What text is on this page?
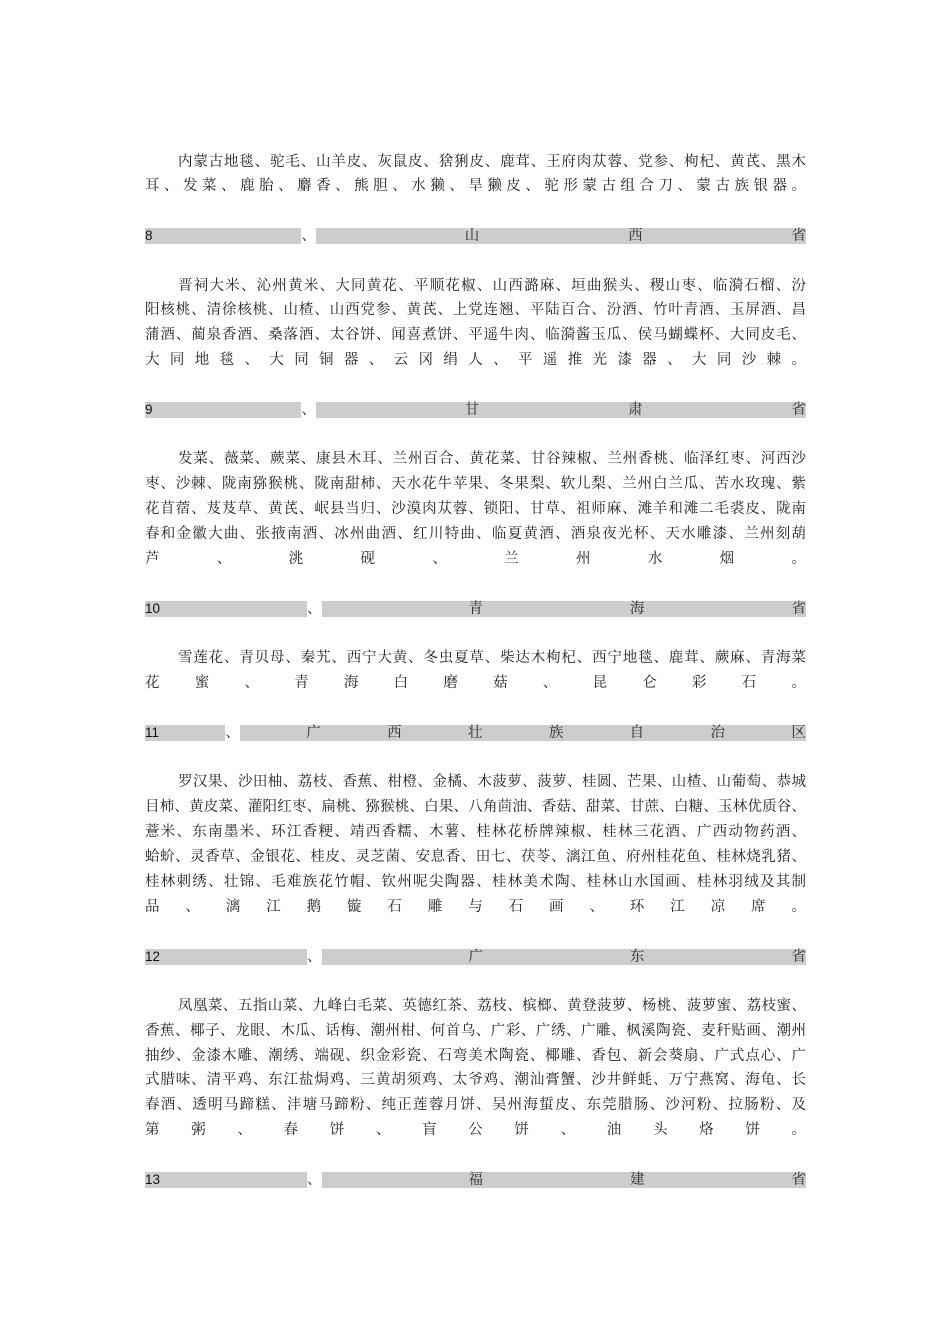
内蒙古地毯、驼毛、山羊皮、灰鼠皮、猞猁皮、鹿茸、王府肉苁蓉、党参、枸杞、黄芪、黑木
耳、发菜、鹿胎、麝香、熊胆、水獭、旱獭皮、驼形蒙古组合刀、蒙古族银器。
8	、	山	西	省
晋祠大米、沁州黄米、大同黄花、平顺花椒、山西潞麻、垣曲猴头、稷山枣、临漪石榴、汾
阳核桃、清徐核桃、山楂、山西党参、黄芪、上党连翘、平陆百合、汾酒、竹叶青酒、玉屏酒、昌
蒲酒、蔺泉香酒、桑落酒、太谷饼、闻喜煮饼、平遥牛肉、临漪酱玉瓜、侯马蝴蝶杯、大同皮毛、
大同地毯、大同铜器、云冈绢人、平遥推光漆器、大同沙棘。
9	、	甘	肃	省
发菜、薇菜、蕨菜、康县木耳、兰州百合、黄花菜、甘谷辣椒、兰州香桃、临泽红枣、河西沙
枣、沙棘、陇南猕猴桃、陇南甜柿、天水花牛苹果、冬果梨、软儿梨、兰州白兰瓜、苦水玫瑰、紫
花苜蓿、芨芨草、黄芪、岷县当归、沙漠肉苁蓉、锁阳、甘草、祖师麻、滩羊和滩二毛裘皮、陇南
春和金徽大曲、张掖南酒、冰州曲酒、红川特曲、临夏黄酒、酒泉夜光杯、天水雕漆、兰州刻葫
芦、洮砚、兰州水烟。
10	、	青	海	省
雪莲花、青贝母、秦艽、西宁大黄、冬虫夏草、柴达木枸杞、西宁地毯、鹿茸、蕨麻、青海菜
花蜜、青海白磨菇、昆仑彩石。
11	、	广	西	壮	族	自	治	区
罗汉果、沙田柚、荔枝、香蕉、柑橙、金橘、木菠萝、菠萝、桂圆、芒果、山楂、山葡萄、恭城
目柿、黄皮菜、灌阳红枣、扁桃、猕猴桃、白果、八角茴油、香菇、甜菜、甘蔗、白糖、玉林优质谷、
薏米、东南墨米、环江香粳、靖西香糯、木薯、桂林花桥牌辣椒、桂林三花酒、广西动物药酒、
蛤蚧、灵香草、金银花、桂皮、灵芝菌、安息香、田七、茯苓、漓江鱼、府州桂花鱼、桂林烧乳猪、
桂林刺绣、壮锦、毛难族花竹帽、钦州呢尖陶器、桂林美术陶、桂林山水国画、桂林羽绒及其制
品、漓江鹅镟石雕与石画、环江凉席。
12	、	广	东	省
凤凰菜、五指山菜、九峰白毛菜、英德红茶、荔枝、槟榔、黄登菠萝、杨桃、菠萝蜜、荔枝蜜、
香蕉、椰子、龙眼、木瓜、话梅、潮州柑、何首乌、广彩、广绣、广雕、枫溪陶瓷、麦秆贴画、潮州
抽纱、金漆木雕、潮绣、端砚、织金彩瓷、石弯美术陶瓷、椰雕、香包、新会葵扇、广式点心、广
式腊味、清平鸡、东江盐焗鸡、三黄胡须鸡、太爷鸡、潮汕膏蟹、沙井鲜蚝、万宁燕窝、海龟、长
春酒、透明马蹄糕、沣塘马蹄粉、纯正莲蓉月饼、吴州海蜇皮、东莞腊肠、沙河粉、拉肠粉、及
第粥、春饼、盲公饼、油头烙饼。
13	、	福	建	省
